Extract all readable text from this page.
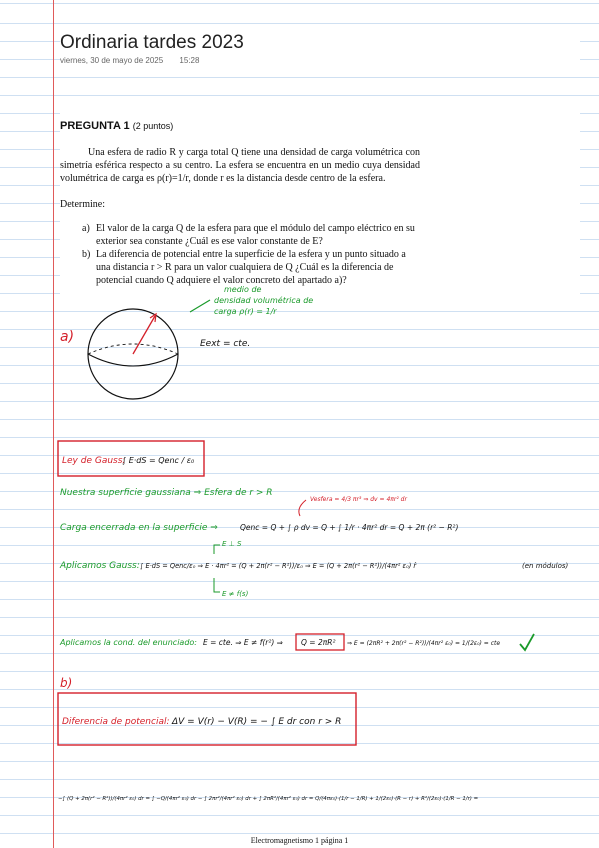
Ordinaria tardes 2023
viernes, 30 de mayo de 2025 15:28
PREGUNTA 1 (2 puntos)
Una esfera de radio R y carga total Q tiene una densidad de carga volumétrica con simetría esférica respecto a su centro. La esfera se encuentra en un medio cuya densidad volumétrica de carga es ρ(r)=1/r, donde r es la distancia desde centro de la esfera.
Determine:
a) El valor de la carga Q de la esfera para que el módulo del campo eléctrico en su exterior sea constante ¿Cuál es ese valor constante de E?
b) La diferencia de potencial entre la superficie de la esfera y un punto situado a una distancia r > R para un valor cualquiera de Q ¿Cuál es la diferencia de potencial cuando Q adquiere el valor concreto del apartado a)?
medio de
densidad volumétrica de
carga ρ(r) = 1/r
a)	Eext = cte.
Ley de Gauss:
∫ E·dS = Qenc / ε₀
Nuestra superficie gaussiana ⇒ Esfera de r > R
Vesfera = 4/3 πr³ ⇒ dv = 4πr² dr
Carga encerrada en la superficie ⇒	Qenc = Q + ∫ ρ dv = Q + ∫ 1/r · 4πr² dr = Q + 2π (r² − R²)
E ⊥ S
Aplicamos Gauss: ∫ E·dS = Qenc/ε₀ ⇒ E · 4πr² = (Q + 2π(r² − R²))/ε₀ ⇒ E = (Q + 2π(r² − R²))/(4πr² ε₀) r̂	(en módulos)
E ≠ f(s)
Aplicamos la cond. del enunciado: E = cte. ⇒ E ≠ f(r²) ⇒ Q = 2πR² ⇒ E = (2πR² + 2π(r² − R²))/(4πr² ε₀) = 1/(2ε₀) = cte
b)
Diferencia de potencial: ΔV = V(r) − V(R) = − ∫ E dr con r > R
−∫ (Q + 2π(r² − R²))/(4πr² ε₀) dr = ∫ −Q/(4πr² ε₀) dr − ∫ 2πr²/(4πr² ε₀) dr + ∫ 2πR²/(4πr² ε₀) dr = Q/(4πε₀)·(1/r − 1/R) + 1/(2ε₀)·(R − r) + R²/(2ε₀)·(1/R − 1/r) =
Electromagnetismo 1 página 1
